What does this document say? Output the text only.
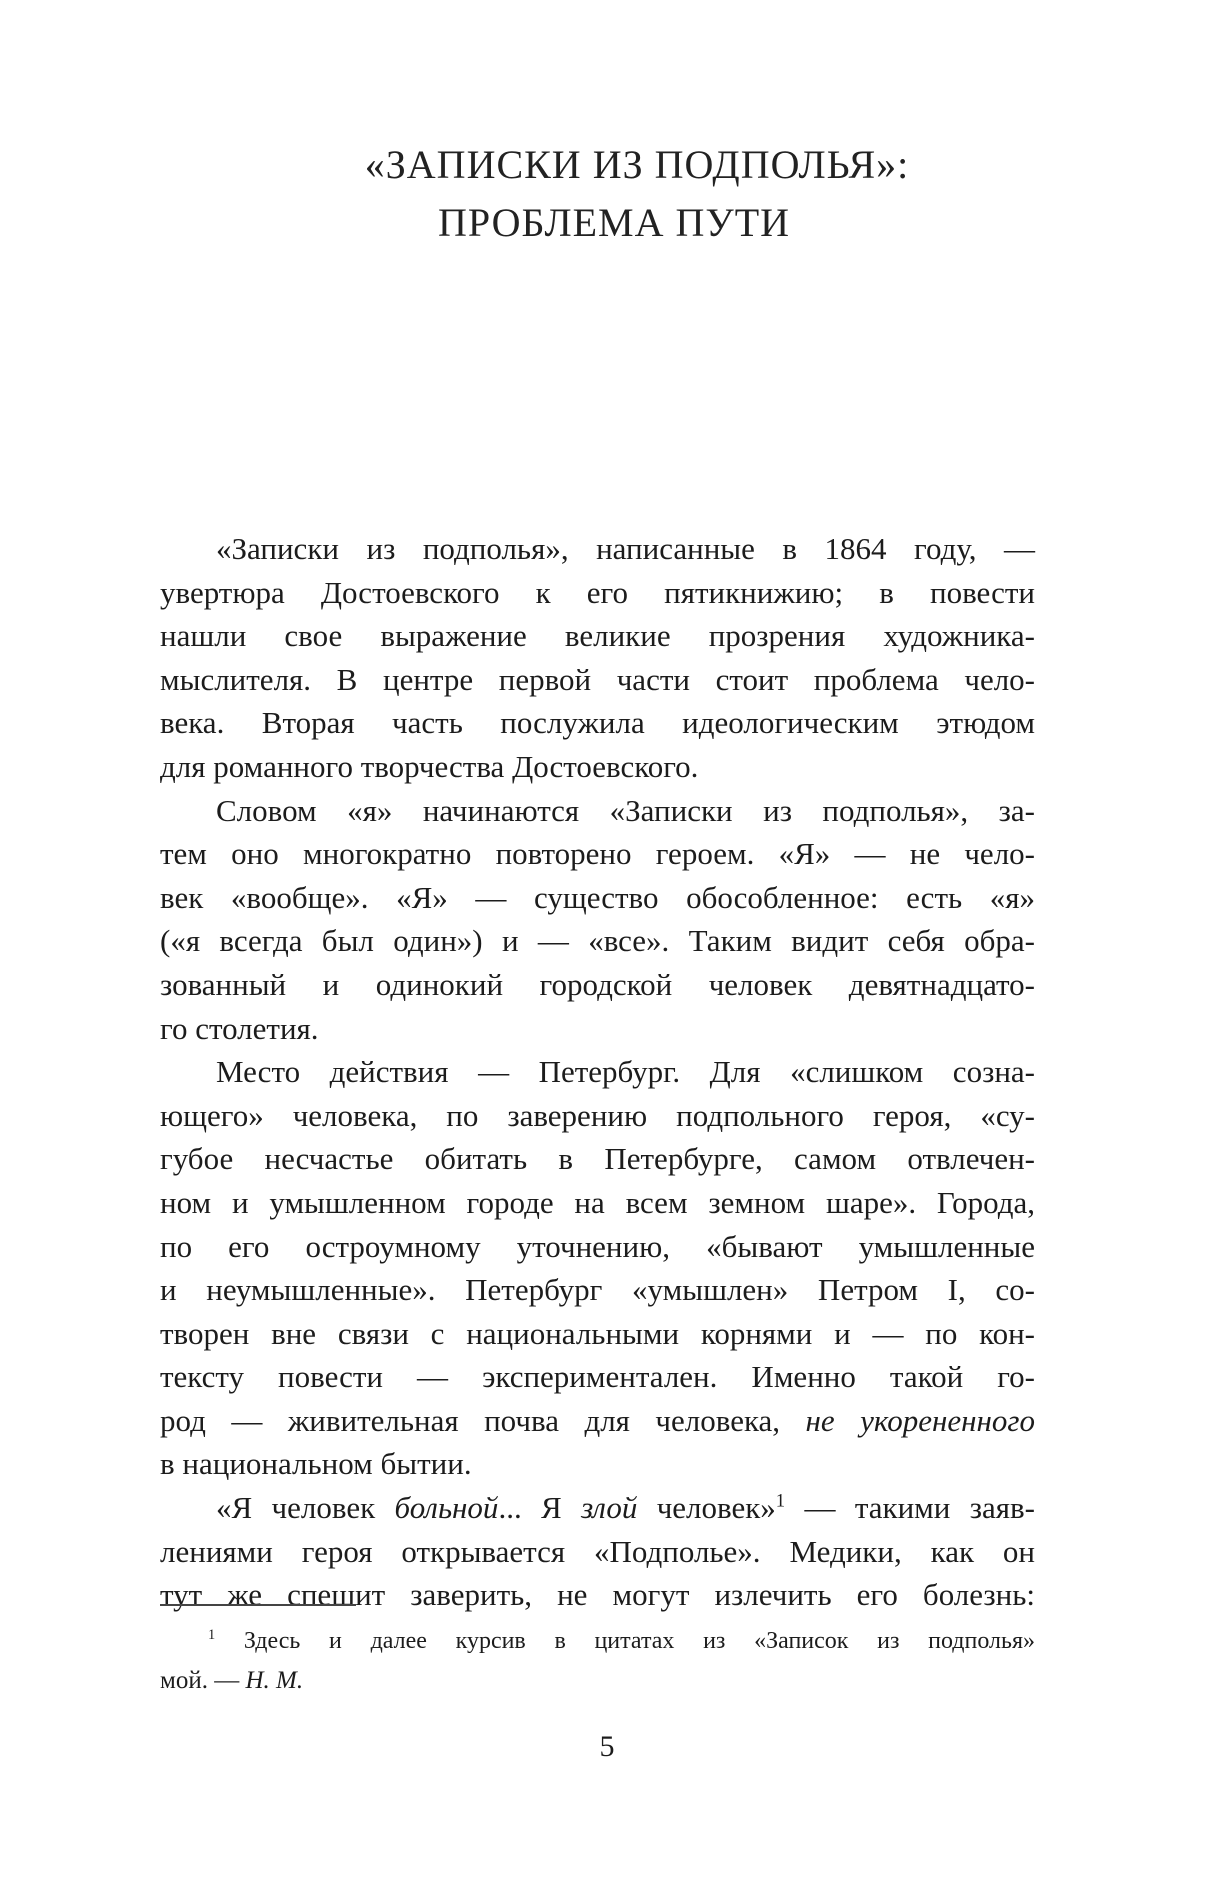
«ЗАПИСКИ ИЗ ПОДПОЛЬЯ»:
ПРОБЛЕМА ПУТИ
«Записки из подполья», написанные в 1864 году, —
увертюра Достоевского к его пятикнижию; в повести
нашли свое выражение великие прозрения художника-
мыслителя. В центре первой части стоит проблема чело-
века. Вторая часть послужила идеологическим этюдом
для романного творчества Достоевского.
Словом «я» начинаются «Записки из подполья», за-
тем оно многократно повторено героем. «Я» — не чело-
век «вообще». «Я» — существо обособленное: есть «я»
(«я всегда был один») и — «все». Таким видит себя обра-
зованный и одинокий городской человек девятнадцато-
го столетия.
Место действия — Петербург. Для «слишком созна-
ющего» человека, по заверению подпольного героя, «су-
губое несчастье обитать в Петербурге, самом отвлечен-
ном и умышленном городе на всем земном шаре». Города,
по его остроумному уточнению, «бывают умышленные
и неумышленные». Петербург «умышлен» Петром I, со-
творен вне связи с национальными корнями и — по кон-
тексту повести — экспериментален. Именно такой го-
род — живительная почва для человека, не укорененного
в национальном бытии.
«Я человек больной... Я злой человек»$^1$ — такими заяв-
лениями героя открывается «Подполье». Медики, как он
тут же спешит заверить, не могут излечить его болезнь:
$^1$ Здесь и далее курсив в цитатах из «Записок из подполья»
мой. — Н. М.
5
